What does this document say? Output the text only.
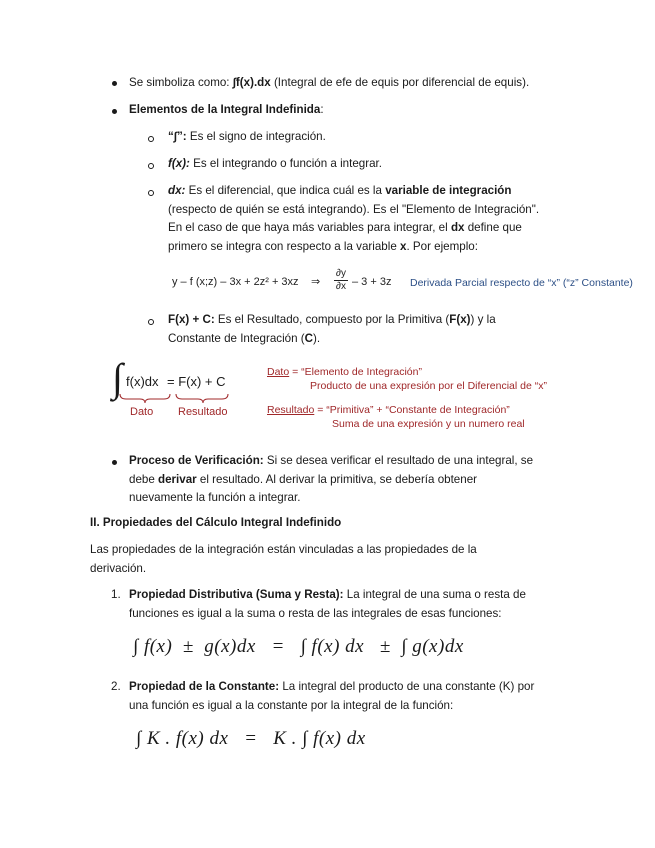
Se simboliza como: ∫f(x).dx (Integral de efe de equis por diferencial de equis).
Elementos de la Integral Indefinida:
“∫”: Es el signo de integración.
f(x): Es el integrando o función a integrar.
dx: Es el diferencial, que indica cuál es la variable de integración
(respecto de quién se está integrando). Es el "Elemento de Integración".
En el caso de que haya más variables para integrar, el dx define que
primero se integra con respecto a la variable x. Por ejemplo:
y – f (x;z) – 3x + 2z² + 3xz ⇒ $\frac{\partial y}{\partial x} - 3 + 3z$ Derivada Parcial respecto de “x” (“z” Constante)
F(x) + C: Es el Resultado, compuesto por la Primitiva (F(x)) y la
Constante de Integración (C).
∫ f(x)dx = F(x) + C
Dato Resultado
Dato = “Elemento de Integración”
Producto de una expresión por el Diferencial de “x”
Resultado = “Primitiva” + “Constante de Integración”
Suma de una expresión y un numero real
Proceso de Verificación: Si se desea verificar el resultado de una integral, se
debe derivar el resultado. Al derivar la primitiva, se debería obtener
nuevamente la función a integrar.
II. Propiedades del Cálculo Integral Indefinido
Las propiedades de la integración están vinculadas a las propiedades de la
derivación.
1. Propiedad Distributiva (Suma y Resta): La integral de una suma o resta de
funciones es igual a la suma o resta de las integrales de esas funciones:
∫ f(x)  ±  g(x)dx   =   ∫ f(x) dx   ±  ∫ g(x)dx
2. Propiedad de la Constante: La integral del producto de una constante (K) por
una función es igual a la constante por la integral de la función:
∫ K . f(x) dx   =   K . ∫ f(x) dx
